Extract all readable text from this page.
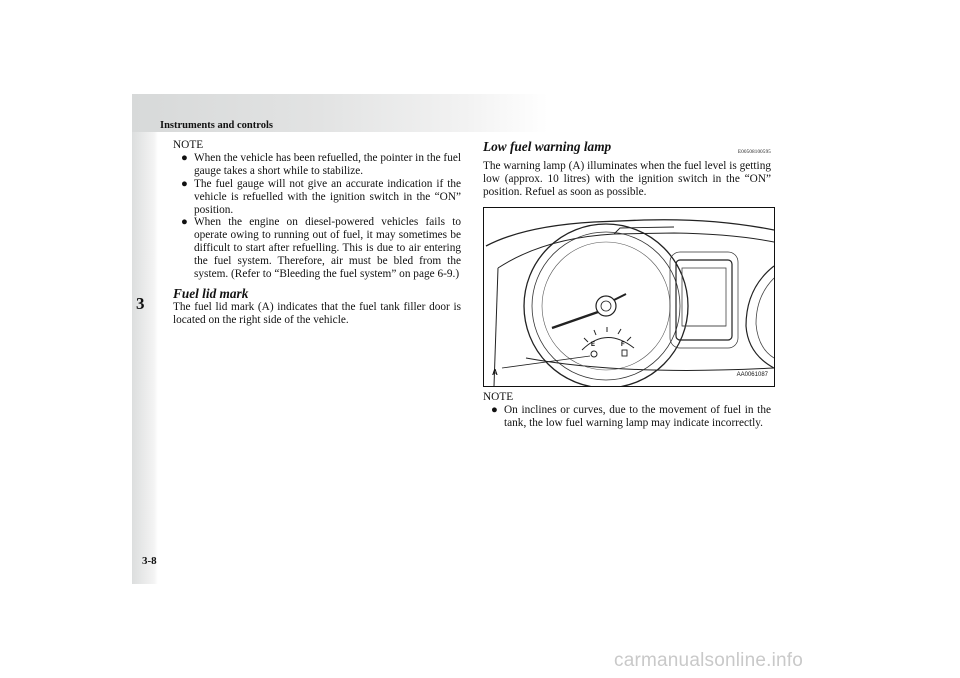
Instruments and controls
3
3-8
NOTE
● When the vehicle has been refuelled, the pointer in the fuel gauge takes a short while to stabilize.
● The fuel gauge will not give an accurate indication if the vehicle is refuelled with the ignition switch in the “ON” position.
● When the engine on diesel-powered vehicles fails to operate owing to running out of fuel, it may sometimes be difficult to start after refuelling. This is due to air entering the fuel system. Therefore, air must be bled from the system. (Refer to “Bleeding the fuel system” on page 6-9.)
Fuel lid mark
The fuel lid mark (A) indicates that the fuel tank filler door is located on the right side of the vehicle.
Low fuel warning lamp	E00508100595
The warning lamp (A) illuminates when the fuel level is getting low (approx. 10 litres) with the ignition switch in the “ON” position. Refuel as soon as possible.
E	F
A	AA0061087
NOTE
● On inclines or curves, due to the movement of fuel in the tank, the low fuel warning lamp may indicate incorrectly.
carmanualsonline.info
